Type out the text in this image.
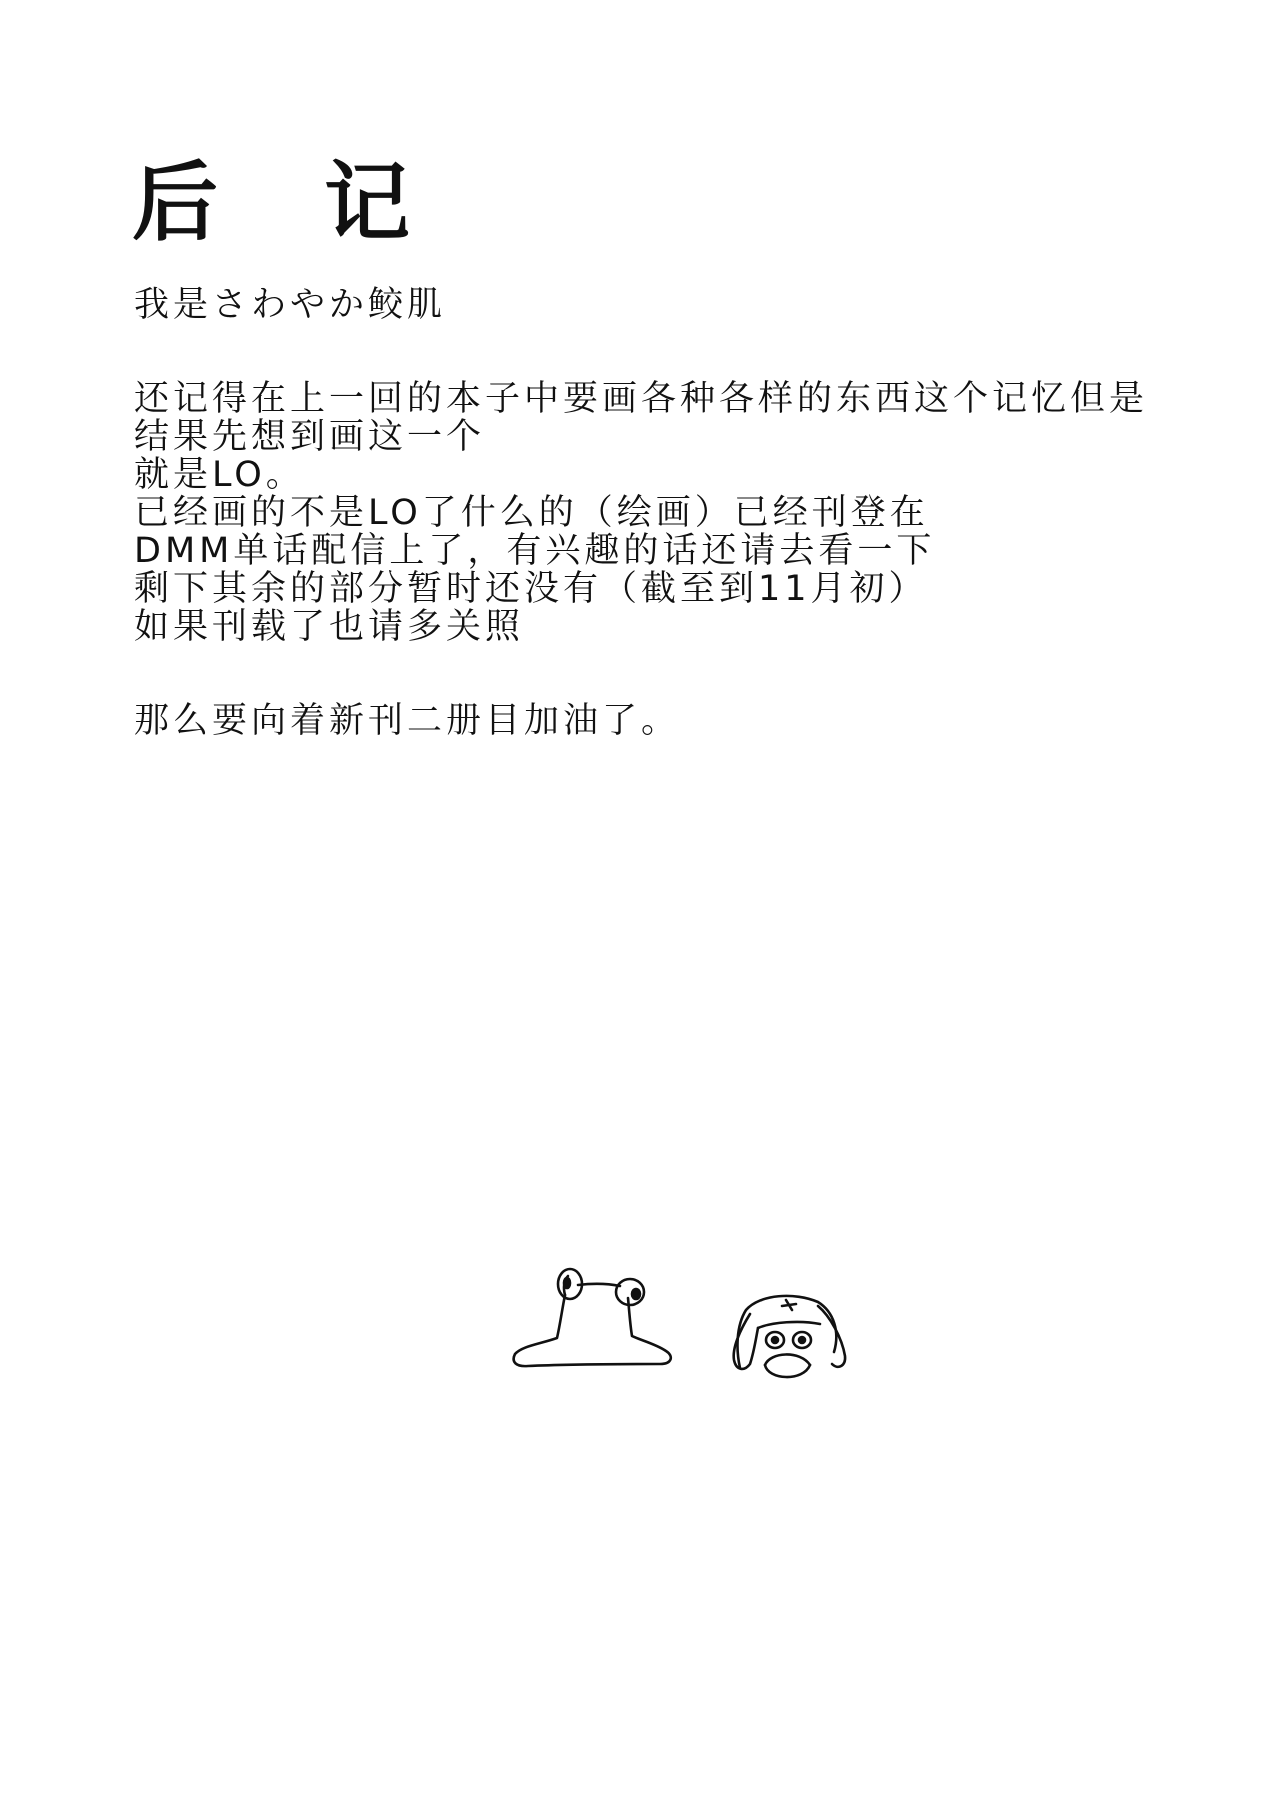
后 记
我是さわやか鲛肌
还记得在上一回的本子中要画各种各样的东西这个记忆但是
结果先想到画这一个
就是LO。
已经画的不是LO了什么的（绘画）已经刊登在
DMM单话配信上了，有兴趣的话还请去看一下
剩下其余的部分暂时还没有（截至到11月初）
如果刊载了也请多关照
那么要向着新刊二册目加油了。
